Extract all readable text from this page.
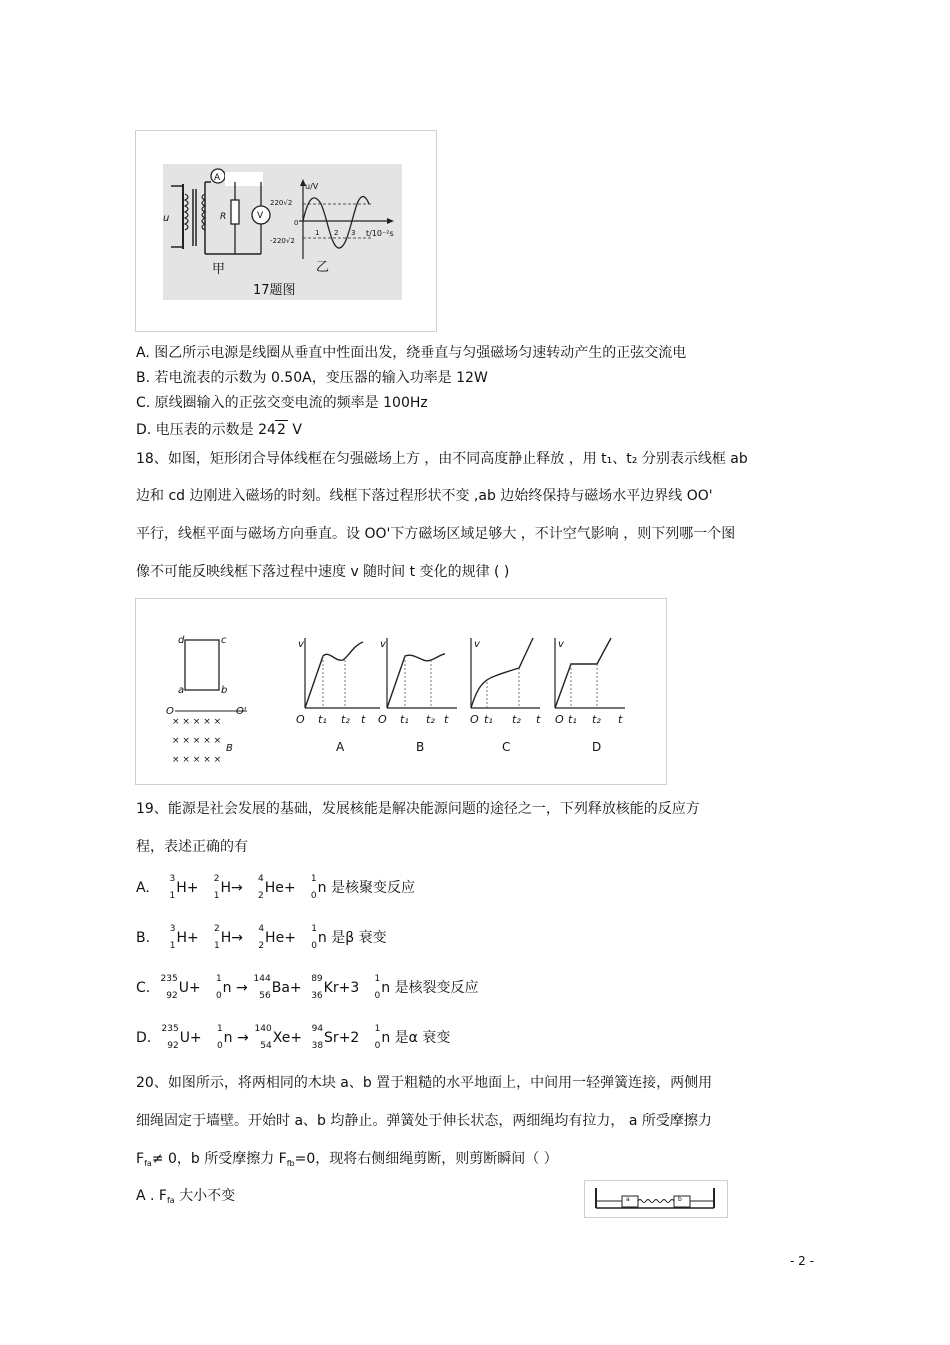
u
A
R	V
u/V
220√2
0
-220√2
1 2 3 t/10⁻²s
甲	乙
17题图
A. 图乙所示电源是线圈从垂直中性面出发，绕垂直与匀强磁场匀速转动产生的正弦交流电
B. 若电流表的示数为 0.50A，变压器的输入功率是 12W
C. 原线圈输入的正弦交变电流的频率是 100Hz
D. 电压表的示数是 242 V
18、如图，矩形闭合导体线框在匀强磁场上方 ，由不同高度静止释放 ，用 t₁、t₂ 分别表示线框 ab
边和 cd 边刚进入磁场的时刻。线框下落过程形状不变 ,ab 边始终保持与磁场水平边界线 OO'
平行，线框平面与磁场方向垂直。设 OO'下方磁场区域足够大 ，不计空气影响 ，则下列哪一个图
像不可能反映线框下落过程中速度 v 随时间 t 变化的规律 ( )
d	c
a	b
O	O'
× × × × ×
× × × × ×
× × × × ×
B
v
O t₁ t₂ t
A
v
O t₁ t₂ t
B
v
O t₁ t₂ t
C
v
O t₁ t₂ t
D
19、能源是社会发展的基础，发展核能是解决能源问题的途径之一，下列释放核能的反应方
程，表述正确的有
A.
3
1 H+
2
1 H→
4
2 He+
1
0 n 是核聚变反应
B.
3
1 H+
2
1 H→
4
2 He+
1
0 n 是β 衰变
C.
235
92 U+
1
0 n →
144
56 Ba+
89
36 Kr+3
1
0 n 是核裂变反应
D.
235
92 U+
1
0 n →
140
54 Xe+
94
38 Sr+2
1
0 n 是α 衰变
20、如图所示，将两相同的木块 a、b 置于粗糙的水平地面上，中间用一轻弹簧连接，两侧用
细绳固定于墙壁。开始时 a、b 均静止。弹簧处于伸长状态，两细绳均有拉力， a 所受摩擦力
$F_{fa}\ne 0$，b 所受摩擦力 $F_{fb}=0$，现将右侧细绳剪断，则剪断瞬间（ ）
A . $F_{fa}$ 大小不变	a	b
- 2 -
